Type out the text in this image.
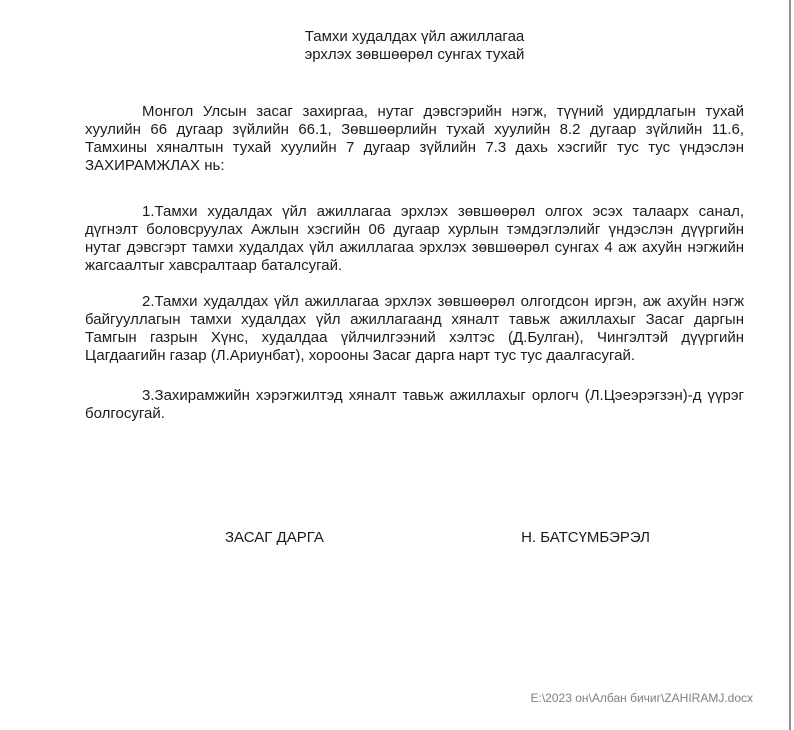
Тамхи худалдах үйл ажиллагаа
эрхлэх зөвшөөрөл сунгах тухай

Монгол Улсын засаг захиргаа, нутаг дэвсгэрийн нэгж, түүний удирдлагын тухай хуулийн 66 дугаар зүйлийн 66.1, Зөвшөөрлийн тухай хуулийн 8.2 дугаар зүйлийн 11.6, Тамхины хяналтын тухай хуулийн 7 дугаар зүйлийн 7.3 дахь хэсгийг тус тус үндэслэн ЗАХИРАМЖЛАХ нь:

1.Тамхи худалдах үйл ажиллагаа эрхлэх зөвшөөрөл олгох эсэх талаарх санал, дүгнэлт боловсруулах Ажлын хэсгийн 06 дугаар хурлын тэмдэглэлийг үндэслэн дүүргийн нутаг дэвсгэрт тамхи худалдах үйл ажиллагаа эрхлэх зөвшөөрөл сунгах 4 аж ахуйн нэгжийн жагсаалтыг хавсралтаар баталсугай.

2.Тамхи худалдах үйл ажиллагаа эрхлэх зөвшөөрөл олгогдсон иргэн, аж ахуйн нэгж байгууллагын тамхи худалдах үйл ажиллагаанд хяналт тавьж ажиллахыг Засаг даргын Тамгын газрын Хүнс, худалдаа үйлчилгээний хэлтэс (Д.Булган), Чингэлтэй дүүргийн Цагдаагийн газар (Л.Ариунбат), хорооны Засаг дарга нарт тус тус даалгасугай.

3.Захирамжийн хэрэгжилтэд хяналт тавьж ажиллахыг орлогч (Л.Цэеэрэгзэн)-д үүрэг болгосугай.

ЗАСАГ ДАРГА	Н. БАТСҮМБЭРЭЛ
E:\2023 он\Албан бичиг\ZAHIRAMJ.docx
